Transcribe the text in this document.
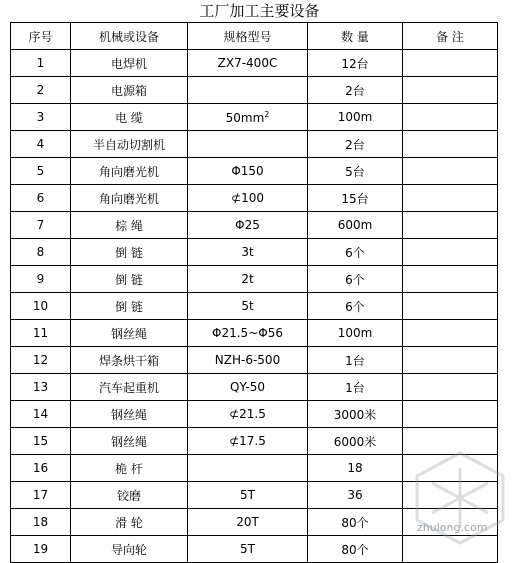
工厂加工主要设备
序号	机械或设备	规格型号	数 量	备 注
1	电焊机	ZX7-400C	12台	
2	电源箱		2台	
3	电 缆	$50mm^2$	100m	
4	半自动切割机		2台	
5	角向磨光机	Φ150	5台	
6	角向磨光机	⊄100	15台	
7	棕 绳	Φ25	600m	
8	倒 链	3t	6个	
9	倒 链	2t	6个	
10	倒 链	5t	6个	
11	钢丝绳	Φ21.5~Φ56	100m	
12	焊条烘干箱	NZH-6-500	1台	
13	汽车起重机	QY-50	1台	
14	钢丝绳	⊄21.5	3000米	
15	钢丝绳	⊄17.5	6000米	
16	桅 杆		18	
17	铰磨	5T	36	
18	滑 轮	20T	80个	
19	导向轮	5T	80个	
zhulong.com
